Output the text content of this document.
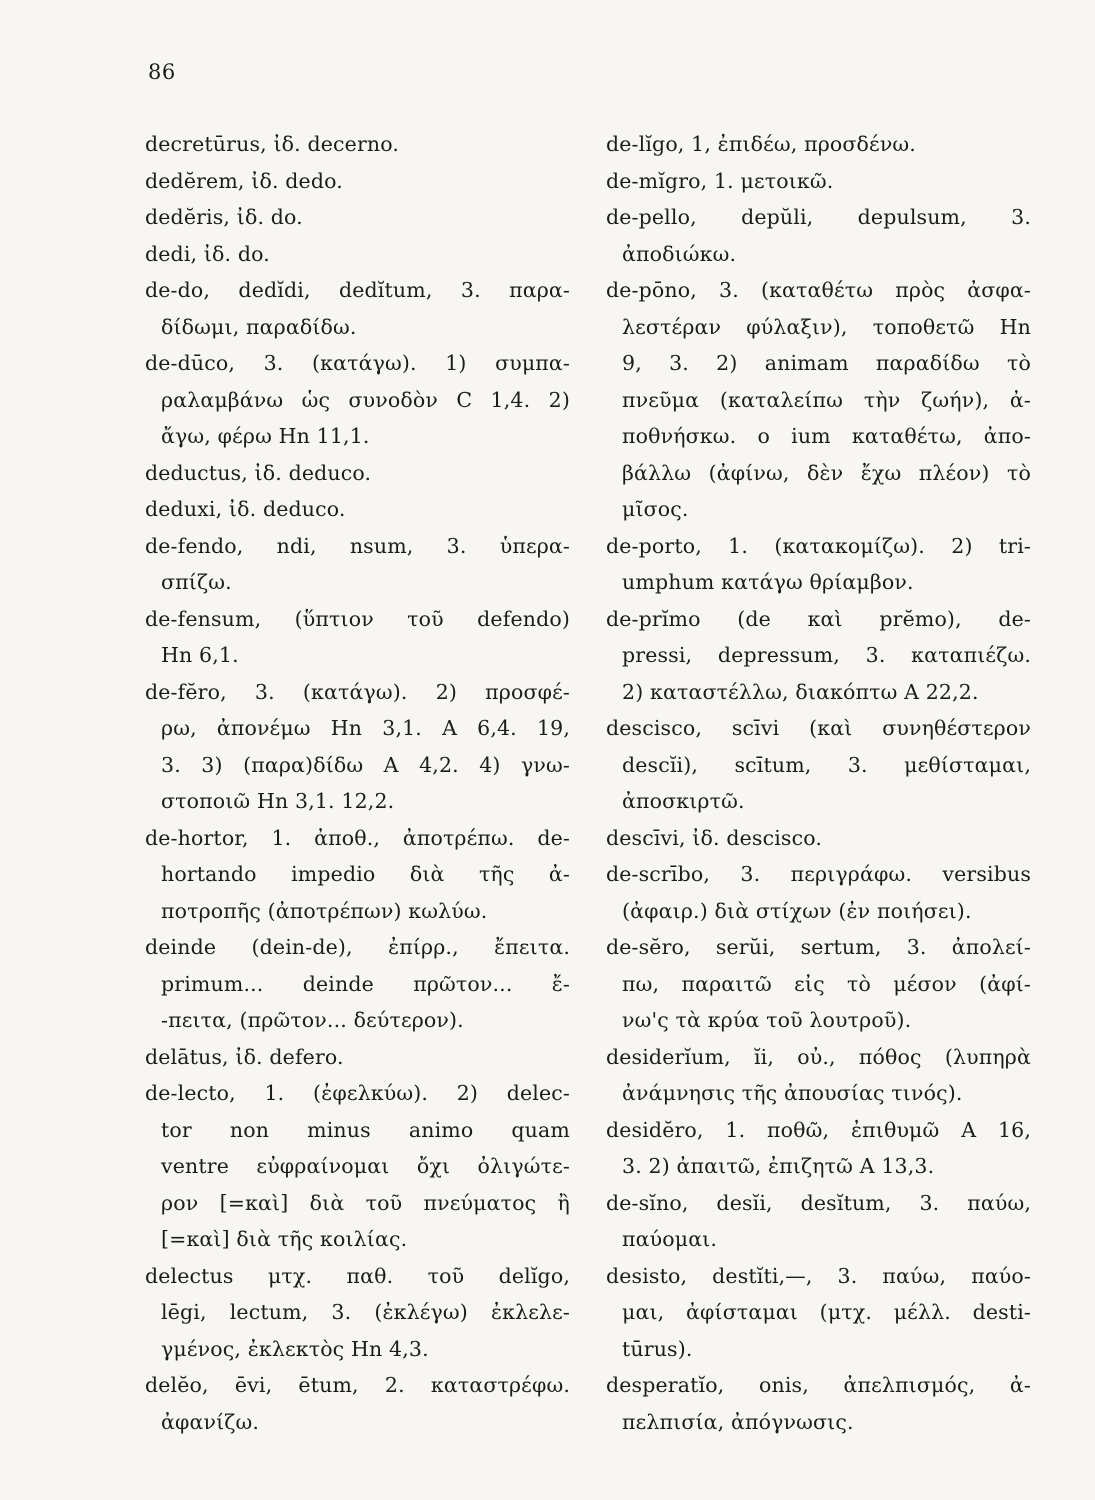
86
decretūrus, ἰδ. decerno.
dedĕrem, ἰδ. dedo.
dedĕris, ἰδ. do.
dedi, ἰδ. do.
de-do, dedĭdi, dedĭtum, 3. παρα-
δίδωμι, παραδίδω.
de-dūco, 3. (κατάγω). 1) συμπα-
ραλαμβάνω ὡς συνοδὸν C 1,4. 2)
ἄγω, φέρω Hn 11,1.
deductus, ἰδ. deduco.
deduxi, ἰδ. deduco.
de-fendo, ndi, nsum, 3. ὑπερα-
σπίζω.
de-fensum, (ὕπτιον τοῦ defendo)
Hn 6,1.
de-fĕro, 3. (κατάγω). 2) προσφέ-
ρω, ἀπονέμω Hn 3,1. A 6,4. 19,
3. 3) (παρα)δίδω A 4,2. 4) γνω-
στοποιῶ Hn 3,1. 12,2.
de-hortor, 1. ἀποθ., ἀποτρέπω. de-
hortando impedio διὰ τῆς ἀ-
ποτροπῆς (ἀποτρέπων) κωλύω.
deinde (dein-de), ἐπίρρ., ἔπειτα.
primum... deinde πρῶτον... ἔ-
-πειτα, (πρῶτον... δεύτερον).
delātus, ἰδ. defero.
de-lecto, 1. (ἐφελκύω). 2) delec-
tor non minus animo quam
ventre εὐφραίνομαι ὄχι ὀλιγώτε-
ρον [=καὶ] διὰ τοῦ πνεύματος ἢ
[=καὶ] διὰ τῆς κοιλίας.
delectus μτχ. παθ. τοῦ delĭgo,
lēgi, lectum, 3. (ἐκλέγω) ἐκλελε-
γμένος, ἐκλεκτὸς Hn 4,3.
delĕo, ēvi, ētum, 2. καταστρέφω.
ἀφανίζω.
de-lĭgo, 1, ἐπιδέω, προσδένω.
de-mĭgro, 1. μετοικῶ.
de-pello, depŭli, depulsum, 3.
ἀποδιώκω.
de-pōno, 3. (καταθέτω πρὸς ἀσφα-
λεστέραν φύλαξιν), τοποθετῶ Hn
9, 3. 2) animam παραδίδω τὸ
πνεῦμα (καταλείπω τὴν ζωήν), ἀ-
ποθνήσκω. o ium καταθέτω, ἀπο-
βάλλω (ἀφίνω, δὲν ἔχω πλέον) τὸ
μῖσος.
de-porto, 1. (κατακομίζω). 2) tri-
umphum κατάγω θρίαμβον.
de-prĭmo (de καὶ prĕmo), de-
pressi, depressum, 3. καταπιέζω.
2) καταστέλλω, διακόπτω A 22,2.
descisco, scīvi (καὶ συνηθέστερον
descĭi), scītum, 3. μεθίσταμαι,
ἀποσκιρτῶ.
descīvi, ἰδ. descisco.
de-scrībo, 3. περιγράφω. versibus
(ἀφαιρ.) διὰ στίχων (ἐν ποιήσει).
de-sĕro, serŭi, sertum, 3. ἀπολεί-
πω, παραιτῶ εἰς τὸ μέσον (ἀφί-
νω'ς τὰ κρύα τοῦ λουτροῦ).
desiderĭum, ĭi, οὐ., πόθος (λυπηρὰ
ἀνάμνησις τῆς ἀπουσίας τινός).
desidĕro, 1. ποθῶ, ἐπιθυμῶ A 16,
3. 2) ἀπαιτῶ, ἐπιζητῶ A 13,3.
de-sĭno, desĭi, desĭtum, 3. παύω,
παύομαι.
desisto, destĭti,—, 3. παύω, παύο-
μαι, ἀφίσταμαι (μτχ. μέλλ. desti-
tūrus).
desperatĭo, onis, ἀπελπισμός, ἀ-
πελπισία, ἀπόγνωσις.
